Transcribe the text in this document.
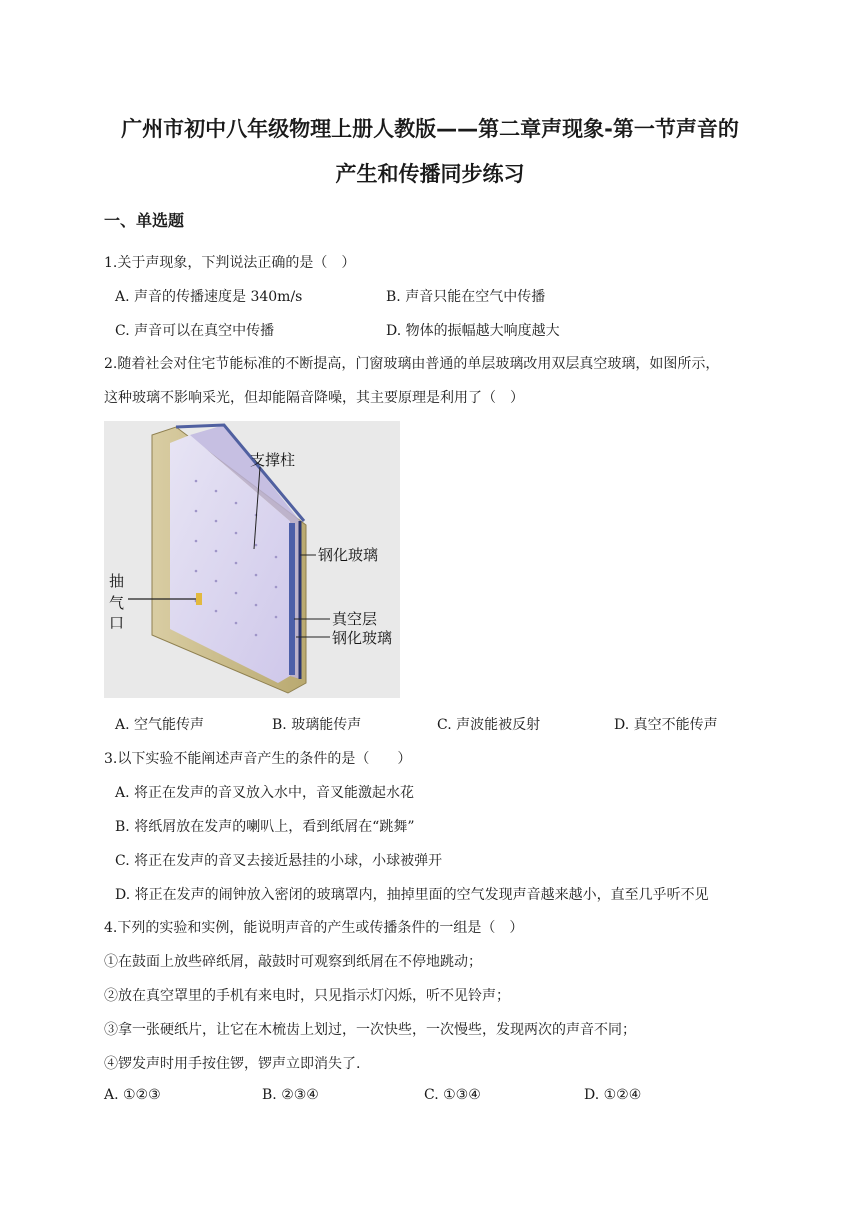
广州市初中八年级物理上册人教版——第二章声现象-第一节声音的
产生和传播同步练习
一、单选题
1.关于声现象，下判说法正确的是（　）
A. 声音的传播速度是 340m/s	B. 声音只能在空气中传播
C. 声音可以在真空中传播	D. 物体的振幅越大响度越大
2.随着社会对住宅节能标准的不断提高，门窗玻璃由普通的单层玻璃改用双层真空玻璃，如图所示，
这种玻璃不影响采光，但却能隔音降噪，其主要原理是利用了（　）
支撑柱
钢化玻璃
抽
气
口	真空层
钢化玻璃
A. 空气能传声	B. 玻璃能传声	C. 声波能被反射	D. 真空不能传声
3.以下实验不能阐述声音产生的条件的是（　　）
A. 将正在发声的音叉放入水中，音叉能激起水花
B. 将纸屑放在发声的喇叭上，看到纸屑在“跳舞”
C. 将正在发声的音叉去接近悬挂的小球，小球被弹开
D. 将正在发声的闹钟放入密闭的玻璃罩内，抽掉里面的空气发现声音越来越小，直至几乎听不见
4.下列的实验和实例，能说明声音的产生或传播条件的一组是（　）
①在鼓面上放些碎纸屑，敲鼓时可观察到纸屑在不停地跳动；
②放在真空罩里的手机有来电时，只见指示灯闪烁，听不见铃声；
③拿一张硬纸片，让它在木梳齿上划过，一次快些，一次慢些，发现两次的声音不同；
④锣发声时用手按住锣，锣声立即消失了.
A. ①②③	B. ②③④	C. ①③④	D. ①②④
